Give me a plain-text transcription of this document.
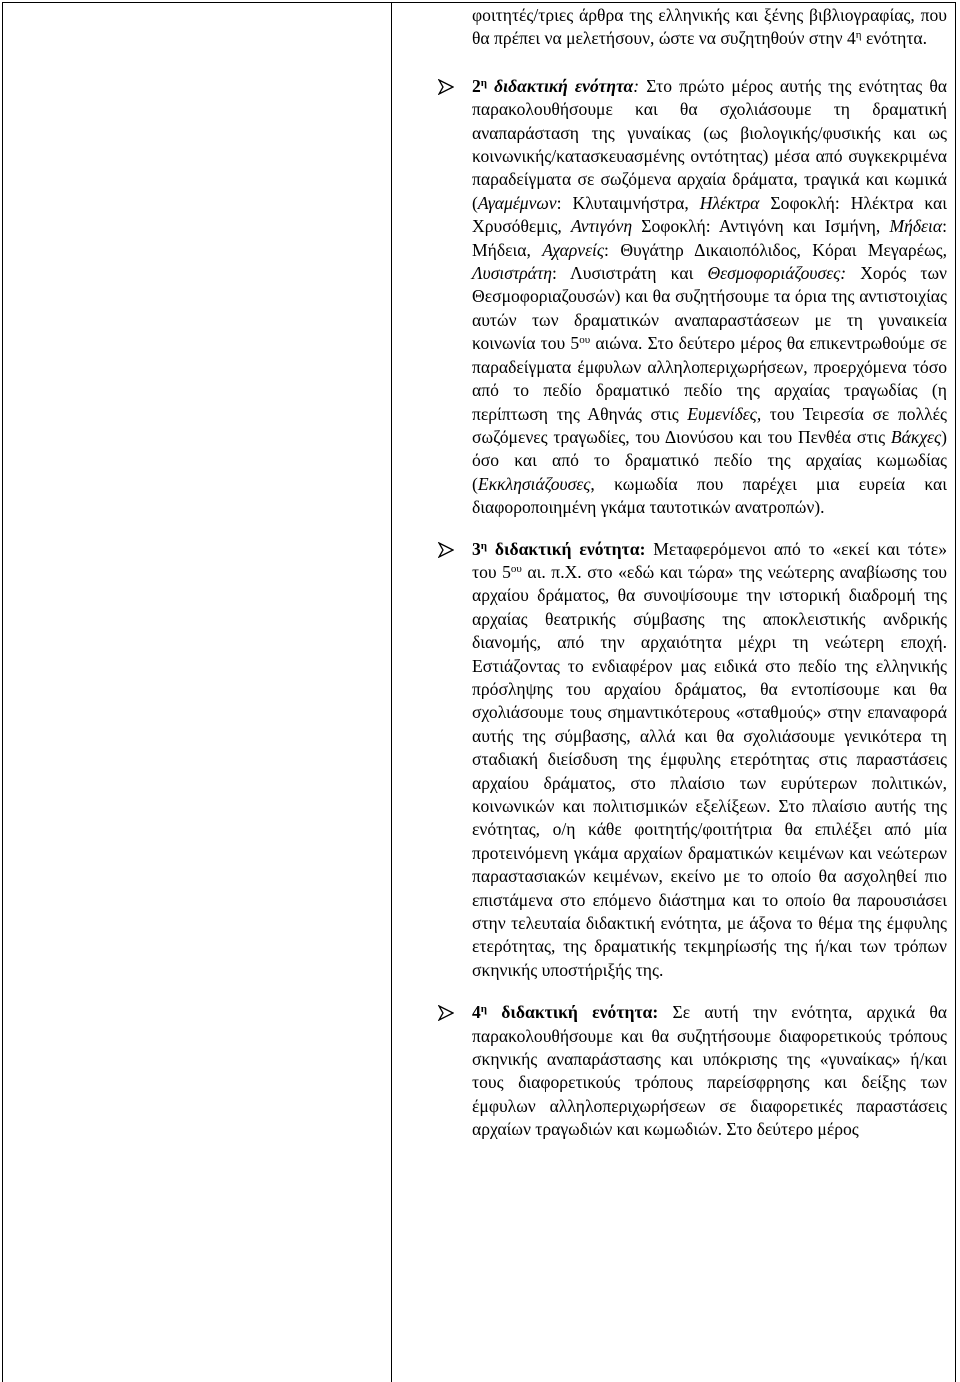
φοιτητές/τριες άρθρα της ελληνικής και ξένης βιβλιογραφίας, που θα πρέπει να μελετήσουν, ώστε να συζητηθούν στην $4^\eta$ ενότητα.

$2^\eta$ διδακτική ενότητα: Στο πρώτο μέρος αυτής της ενότητας θα παρακολουθήσουμε και θα σχολιάσουμε τη δραματική αναπαράσταση της γυναίκας (ως βιολογικής/φυσικής και ως κοινωνικής/κατασκευασμένης οντότητας) μέσα από συγκεκριμένα παραδείγματα σε σωζόμενα αρχαία δράματα, τραγικά και κωμικά (Αγαμέμνων: Κλυταιμνήστρα, Ηλέκτρα Σοφοκλή: Ηλέκτρα και Χρυσόθεμις, Αντιγόνη Σοφοκλή: Αντιγόνη και Ισμήνη, Μήδεια: Μήδεια, Αχαρνείς: Θυγάτηρ Δικαιοπόλιδος, Κόραι Μεγαρέως, Λυσιστράτη: Λυσιστράτη και Θεσμοφοριάζουσες: Χορός των Θεσμοφοριαζουσών) και θα συζητήσουμε τα όρια της αντιστοιχίας αυτών των δραματικών αναπαραστάσεων με τη γυναικεία κοινωνία του $5^{o\upsilon}$ αιώνα. Στο δεύτερο μέρος θα επικεντρωθούμε σε παραδείγματα έμφυλων αλληλοπεριχωρήσεων, προερχόμενα τόσο από το πεδίο δραματικό πεδίο της αρχαίας τραγωδίας (η περίπτωση της Αθηνάς στις Ευμενίδες, του Τειρεσία σε πολλές σωζόμενες τραγωδίες, του Διονύσου και του Πενθέα στις Βάκχες) όσο και από το δραματικό πεδίο της αρχαίας κωμωδίας (Εκκλησιάζουσες, κωμωδία που παρέχει μια ευρεία και διαφοροποιημένη γκάμα ταυτοτικών ανατροπών).

$3^\eta$ διδακτική ενότητα: Μεταφερόμενοι από το «εκεί και τότε» του $5^{o\upsilon}$ αι. π.Χ. στο «εδώ και τώρα» της νεώτερης αναβίωσης του αρχαίου δράματος, θα συνοψίσουμε την ιστορική διαδρομή της αρχαίας θεατρικής σύμβασης της αποκλειστικής ανδρικής διανομής, από την αρχαιότητα μέχρι τη νεώτερη εποχή. Εστιάζοντας το ενδιαφέρον μας ειδικά στο πεδίο της ελληνικής πρόσληψης του αρχαίου δράματος, θα εντοπίσουμε και θα σχολιάσουμε τους σημαντικότερους «σταθμούς» στην επαναφορά αυτής της σύμβασης, αλλά και θα σχολιάσουμε γενικότερα τη σταδιακή διείσδυση της έμφυλης ετερότητας στις παραστάσεις αρχαίου δράματος, στο πλαίσιο των ευρύτερων πολιτικών, κοινωνικών και πολιτισμικών εξελίξεων. Στο πλαίσιο αυτής της ενότητας, ο/η κάθε φοιτητής/φοιτήτρια θα επιλέξει από μία προτεινόμενη γκάμα αρχαίων δραματικών κειμένων και νεώτερων παραστασιακών κειμένων, εκείνο με το οποίο θα ασχοληθεί πιο επιστάμενα στο επόμενο διάστημα και το οποίο θα παρουσιάσει στην τελευταία διδακτική ενότητα, με άξονα το θέμα της έμφυλης ετερότητας, της δραματικής τεκμηρίωσής της ή/και των τρόπων σκηνικής υποστήριξής της.

$4^\eta$ διδακτική ενότητα: Σε αυτή την ενότητα, αρχικά θα παρακολουθήσουμε και θα συζητήσουμε διαφορετικούς τρόπους σκηνικής αναπαράστασης και υπόκρισης της «γυναίκας» ή/και τους διαφορετικούς τρόπους παρείσφρησης και δείξης των έμφυλων αλληλοπεριχωρήσεων σε διαφορετικές παραστάσεις αρχαίων τραγωδιών και κωμωδιών. Στο δεύτερο μέρος
